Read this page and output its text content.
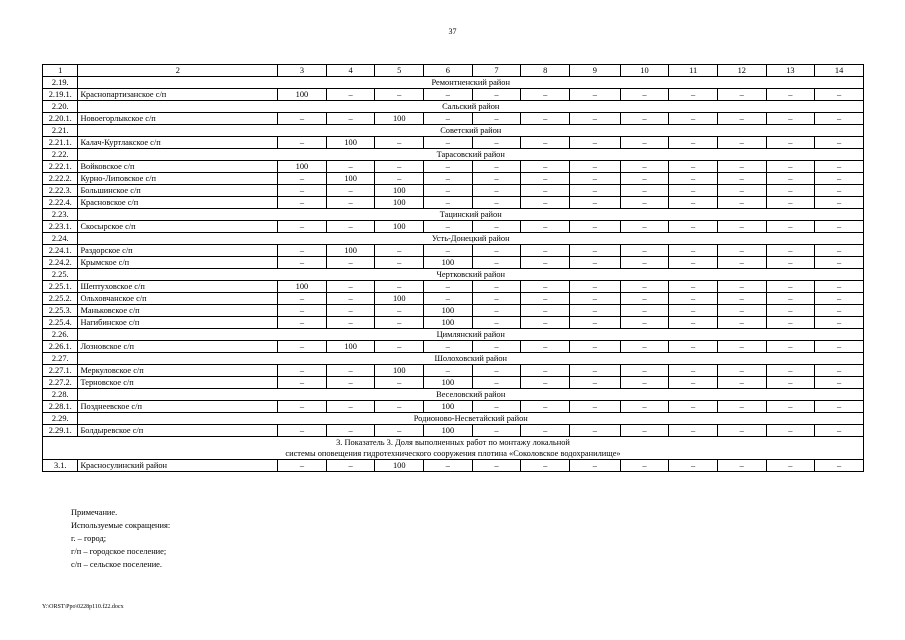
37
1	2	3	4	5	6	7	8	9	10	11	12	13	14
2.19.	Ремонтненский район												
2.19.1.	Краснопартизанское с/п	100	–	–	–	–	–	–	–	–	–	–	–
2.20.	Сальский район												
2.20.1.	Новоегорлыкское с/п	–	–	100	–	–	–	–	–	–	–	–	–
2.21.	Советский район												
2.21.1.	Калач-Куртлакское с/п	–	100	–	–	–	–	–	–	–	–	–	–
2.22.	Тарасовский район												
2.22.1.	Войковское с/п	100	–	–	–	–	–	–	–	–	–	–	–
2.22.2.	Курно-Липовское с/п	–	100	–	–	–	–	–	–	–	–	–	–
2.22.3.	Большинское с/п	–	–	100	–	–	–	–	–	–	–	–	–
2.22.4.	Красновское с/п	–	–	100	–	–	–	–	–	–	–	–	–
2.23.	Тацинский район												
2.23.1.	Скосырское с/п	–	–	100	–	–	–	–	–	–	–	–	–
2.24.	Усть-Донецкий район												
2.24.1.	Раздорское с/п	–	100	–	–	–	–	–	–	–	–	–	–
2.24.2.	Крымское с/п	–	–	–	100	–	–	–	–	–	–	–	–
2.25.	Чертковский район												
2.25.1.	Шептуховское с/п	100	–	–	–	–	–	–	–	–	–	–	–
2.25.2.	Ольховчанское с/п	–	–	100	–	–	–	–	–	–	–	–	–
2.25.3.	Маньковское с/п	–	–	–	100	–	–	–	–	–	–	–	–
2.25.4.	Нагибинское с/п	–	–	–	100	–	–	–	–	–	–	–	–
2.26.	Цимлянский район												
2.26.1.	Лозновское с/п	–	100	–	–	–	–	–	–	–	–	–	–
2.27.	Шолоховский район												
2.27.1.	Меркуловское с/п	–	–	100	–	–	–	–	–	–	–	–	–
2.27.2.	Терновское с/п	–	–	–	100	–	–	–	–	–	–	–	–
2.28.	Веселовский район												
2.28.1.	Позднеевское с/п	–	–	–	100	–	–	–	–	–	–	–	–
2.29.	Родионово-Несветайский район												
2.29.1.	Болдыревское с/п	–	–	–	100	–	–	–	–	–	–	–	–

3. Показатель 3. Доля выполненных работ по монтажу локальной
системы оповещения гидротехнического сооружения плотина «Соколовское водохранилище»													

3.1.	Красносулинский район	–	–	100	–	–	–	–	–	–	–	–	–
Примечание.
Используемые сокращения:
г. – город;
г/п – городское поселение;
с/п – сельское поселение.
Y:\ORST\Ppo\0228p110.f22.docx
